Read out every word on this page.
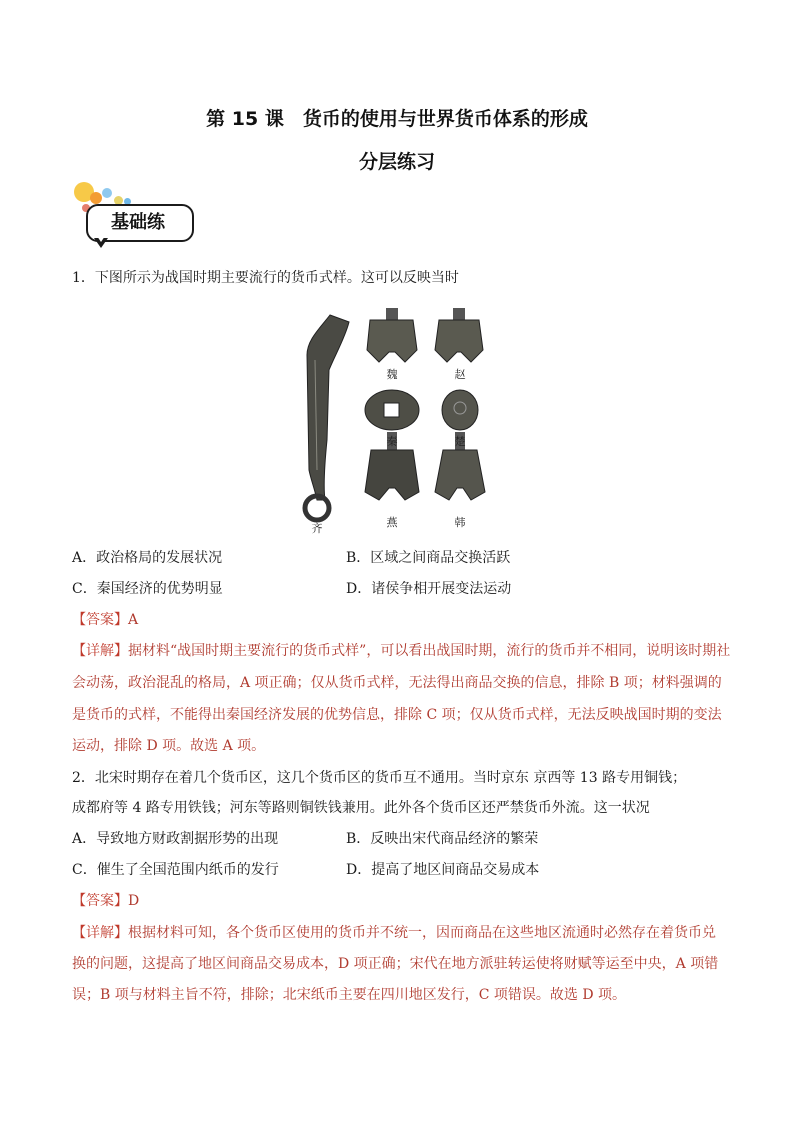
第 15 课　货币的使用与世界货币体系的形成
分层练习
基础练
1．下图所示为战国时期主要流行的货币式样。这可以反映当时
魏	赵
秦	楚
齐	燕	韩
A．政治格局的发展状况	B．区域之间商品交换活跃
C．秦国经济的优势明显	D．诸侯争相开展变法运动
【答案】A
【详解】据材料“战国时期主要流行的货币式样”，可以看出战国时期，流行的货币并不相同，说明该时期社
会动荡，政治混乱的格局，A 项正确；仅从货币式样，无法得出商品交换的信息，排除 B 项；材料强调的
是货币的式样，不能得出秦国经济发展的优势信息，排除 C 项；仅从货币式样，无法反映战国时期的变法
运动，排除 D 项。故选 A 项。
2．北宋时期存在着几个货币区，这几个货币区的货币互不通用。当时京东 京西等 13 路专用铜钱；
成都府等 4 路专用铁钱；河东等路则铜铁钱兼用。此外各个货币区还严禁货币外流。这一状况
A．导致地方财政割据形势的出现	B．反映出宋代商品经济的繁荣
C．催生了全国范围内纸币的发行	D．提高了地区间商品交易成本
【答案】D
【详解】根据材料可知，各个货币区使用的货币并不统一，因而商品在这些地区流通时必然存在着货币兑
换的问题，这提高了地区间商品交易成本，D 项正确；宋代在地方派驻转运使将财赋等运至中央，A 项错
误；B 项与材料主旨不符，排除；北宋纸币主要在四川地区发行，C 项错误。故选 D 项。
